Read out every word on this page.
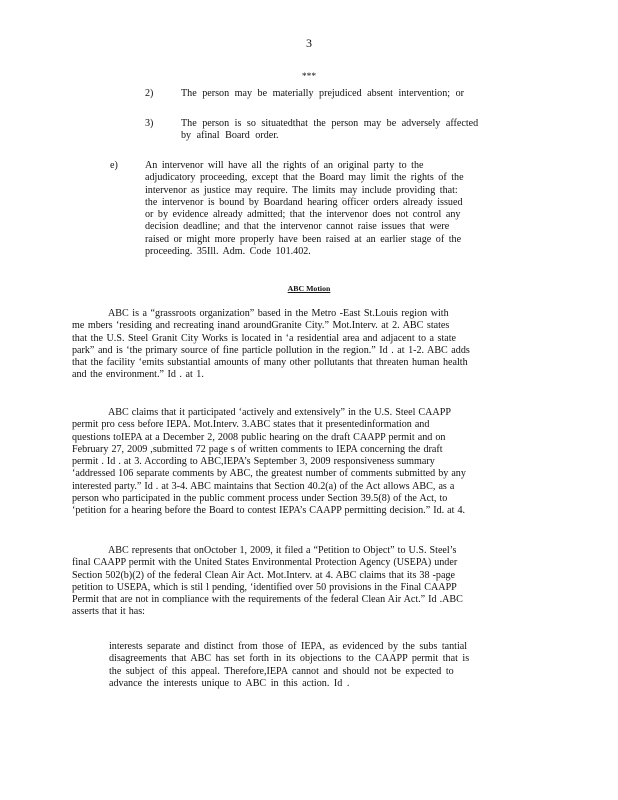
3
***
2)	The person may be materially prejudiced absent intervention; or
3)	The person is so situatedthat the person may be adversely affected
by afinal Board order.
e)	An intervenor will have all the rights of an original party to the
adjudicatory proceeding, except that the Board may limit the rights of the
intervenor as justice may require. The limits may include providing that:
the intervenor is bound by Boardand hearing officer orders already issued
or by evidence already admitted; that the intervenor does not control any
decision deadline; and that the intervenor cannot raise issues that were
raised or might more properly have been raised at an earlier stage of the
proceeding. 35Ill. Adm. Code 101.402.
ABC Motion
ABC is a “grassroots organization” based in the Metro -East St.Louis region with
me mbers ‘residing and recreating inand aroundGranite City.” Mot.Interv. at 2. ABC states
that the U.S. Steel Granit City Works is located in ‘a residential area and adjacent to a state
park” and is ‘the primary source of fine particle pollution in the region.” Id . at 1-2. ABC adds
that the facility ‘emits substantial amounts of many other pollutants that threaten human health
and the environment.” Id . at 1.
ABC claims that it participated ‘actively and extensively” in the U.S. Steel CAAPP
permit pro cess before IEPA. Mot.Interv. 3.ABC states that it presentedinformation and
questions toIEPA at a December 2, 2008 public hearing on the draft CAAPP permit and on
February 27, 2009 ,submitted 72 page s of written comments to IEPA concerning the draft
permit . Id . at 3. According to ABC,IEPA’s September 3, 2009 responsiveness summary
‘addressed 106 separate comments by ABC, the greatest number of comments submitted by any
interested party.” Id . at 3-4. ABC maintains that Section 40.2(a) of the Act allows ABC, as a
person who participated in the public comment process under Section 39.5(8) of the Act, to
‘petition for a hearing before the Board to contest IEPA’s CAAPP permitting decision.” Id. at 4.
ABC represents that onOctober 1, 2009, it filed a “Petition to Object” to U.S. Steel’s
final CAAPP permit with the United States Environmental Protection Agency (USEPA) under
Section 502(b)(2) of the federal Clean Air Act. Mot.Interv. at 4. ABC claims that its 38 -page
petition to USEPA, which is stil l pending, ‘identified over 50 provisions in the Final CAAPP
Permit that are not in compliance with the requirements of the federal Clean Air Act.” Id .ABC
asserts that it has:
interests separate and distinct from those of IEPA, as evidenced by the subs tantial
disagreements that ABC has set forth in its objections to the CAAPP permit that is
the subject of this appeal. Therefore,IEPA cannot and should not be expected to
advance the interests unique to ABC in this action. Id .
